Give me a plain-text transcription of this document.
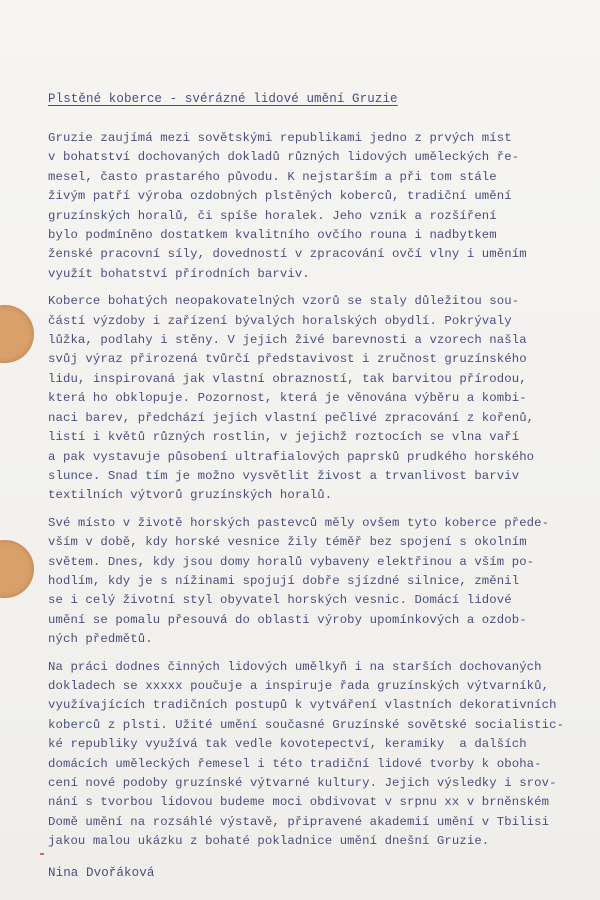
Plstěné koberce - svérázné lidové umění Gruzie

Gruzie zaujímá mezi sovětskými republikami jedno z prvých míst
v bohatství dochovaných dokladů různých lidových uměleckých ře-
mesel, často prastarého původu. K nejstarším a při tom stále
živým patří výroba ozdobných plstěných koberců, tradiční umění
gruzínských horalů, či spíše horalek. Jeho vznik a rozšíření
bylo podmíněno dostatkem kvalitního ovčího rouna i nadbytkem
ženské pracovní síly, dovedností v zpracování ovčí vlny i uměním
využít bohatství přírodních barviv.

Koberce bohatých neopakovatelných vzorů se staly důležitou sou-
částí výzdoby i zařízení bývalých horalských obydlí. Pokrývaly
lůžka, podlahy i stěny. V jejich živé barevnosti a vzorech našla
svůj výraz přirozená tvůrčí představivost i zručnost gruzínského
lidu, inspirovaná jak vlastní obrazností, tak barvitou přírodou,
která ho obklopuje. Pozornost, která je věnována výběru a kombi-
naci barev, předchází jejich vlastní pečlivé zpracování z kořenů,
listí i květů různých rostlin, v jejichž roztocích se vlna vaří
a pak vystavuje působení ultrafialových paprsků prudkého horského
slunce. Snad tím je možno vysvětlit živost a trvanlivost barviv
textilních výtvorů gruzínských horalů.

Své místo v životě horských pastevců měly ovšem tyto koberce přede-
vším v době, kdy horské vesnice žily téměř bez spojení s okolním
světem. Dnes, kdy jsou domy horalů vybaveny elektřinou a vším po-
hodlím, kdy je s nížinami spojují dobře sjízdné silnice, změnil
se i celý životní styl obyvatel horských vesnic. Domácí lidové
umění se pomalu přesouvá do oblasti výroby upomínkových a ozdob-
ných předmětů.

Na práci dodnes činných lidových umělkyň i na starších dochovaných
dokladech se xxxxx poučuje a inspiruje řada gruzínských výtvarníků,
využívajících tradičních postupů k vytváření vlastních dekorativních
koberců z plsti. Užité umění současné Gruzínské sovětské socialistic-
ké republiky využívá tak vedle kovotepectví, keramiky  a dalších
domácích uměleckých řemesel i této tradiční lidové tvorby k oboha-
cení nové podoby gruzínské výtvarné kultury. Jejich výsledky i srov-
nání s tvorbou lidovou budeme moci obdivovat v srpnu xx v brněnském
Domě umění na rozsáhlé výstavě, připravené akademií umění v Tbilisi
jakou malou ukázku z bohaté pokladnice umění dnešní Gruzie.

Nina Dvořáková
